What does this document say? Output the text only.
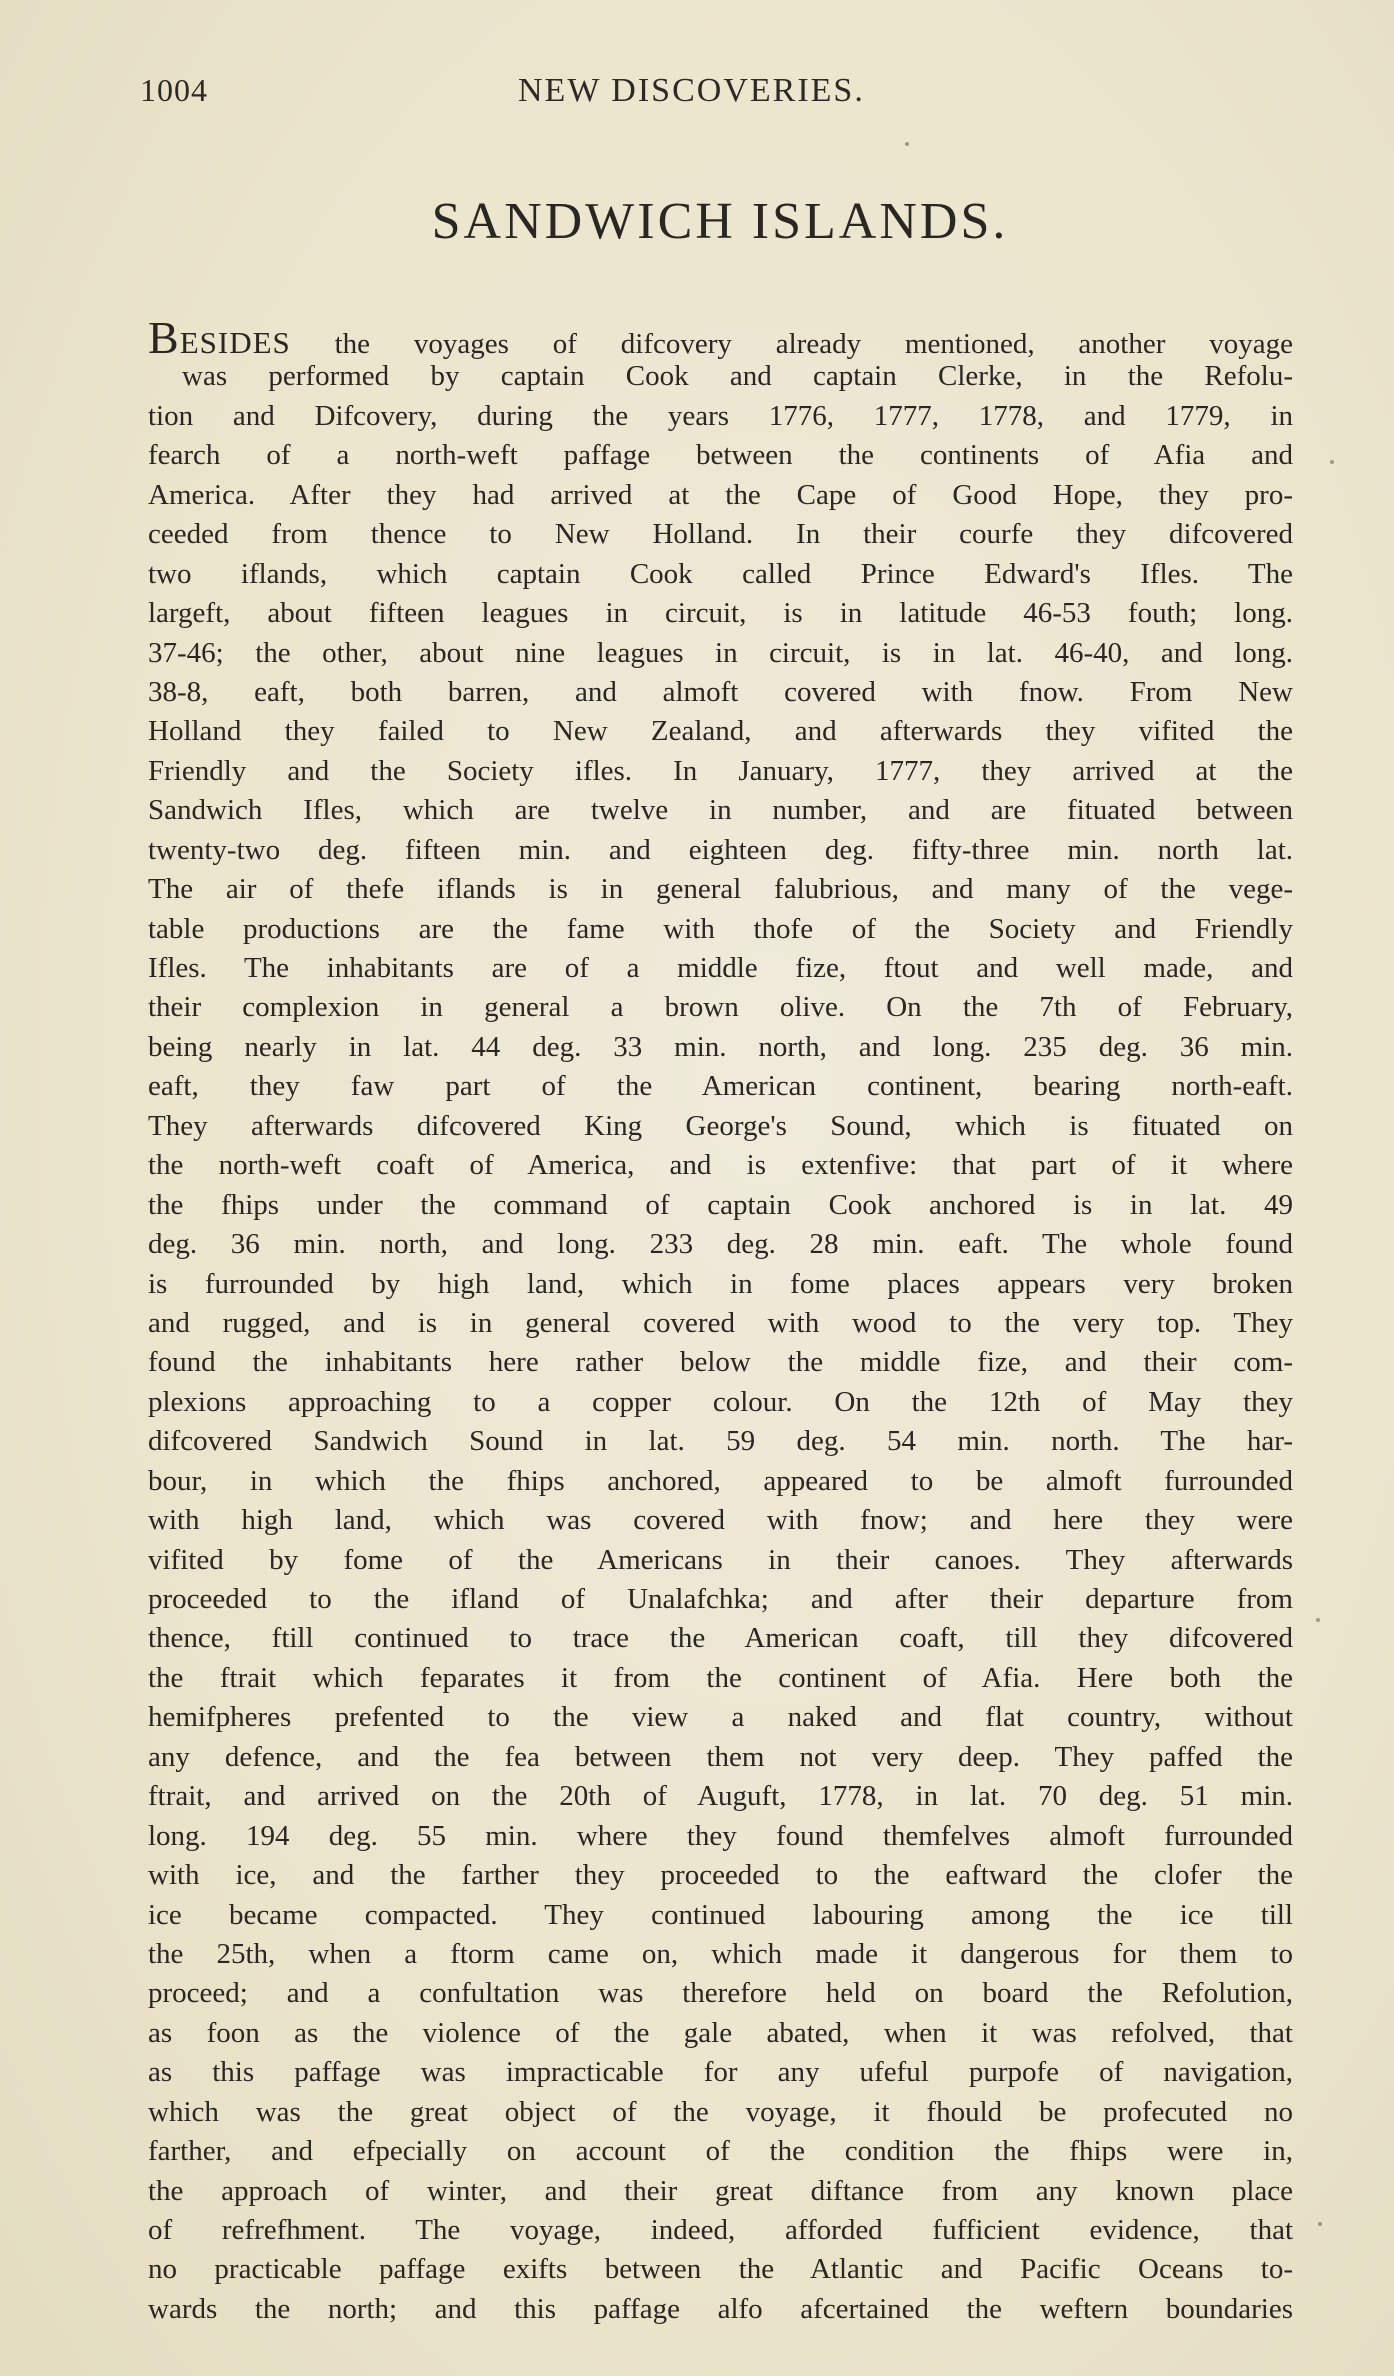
1004	NEW DISCOVERIES.
SANDWICH ISLANDS.
BESIDES the voyages of difcovery already mentioned, another voyage
was performed by captain Cook and captain Clerke, in the Refolu-
tion and Difcovery, during the years 1776, 1777, 1778, and 1779, in
fearch of a north-weft paffage between the continents of Afia and
America. After they had arrived at the Cape of Good Hope, they pro-
ceeded from thence to New Holland. In their courfe they difcovered
two iflands, which captain Cook called Prince Edward's Ifles. The
largeft, about fifteen leagues in circuit, is in latitude 46-53 fouth; long.
37-46; the other, about nine leagues in circuit, is in lat. 46-40, and long.
38-8, eaft, both barren, and almoft covered with fnow. From New
Holland they failed to New Zealand, and afterwards they vifited the
Friendly and the Society ifles. In January, 1777, they arrived at the
Sandwich Ifles, which are twelve in number, and are fituated between
twenty-two deg. fifteen min. and eighteen deg. fifty-three min. north lat.
The air of thefe iflands is in general falubrious, and many of the vege-
table productions are the fame with thofe of the Society and Friendly
Ifles. The inhabitants are of a middle fize, ftout and well made, and
their complexion in general a brown olive. On the 7th of February,
being nearly in lat. 44 deg. 33 min. north, and long. 235 deg. 36 min.
eaft, they faw part of the American continent, bearing north-eaft.
They afterwards difcovered King George's Sound, which is fituated on
the north-weft coaft of America, and is extenfive: that part of it where
the fhips under the command of captain Cook anchored is in lat. 49
deg. 36 min. north, and long. 233 deg. 28 min. eaft. The whole found
is furrounded by high land, which in fome places appears very broken
and rugged, and is in general covered with wood to the very top. They
found the inhabitants here rather below the middle fize, and their com-
plexions approaching to a copper colour. On the 12th of May they
difcovered Sandwich Sound in lat. 59 deg. 54 min. north. The har-
bour, in which the fhips anchored, appeared to be almoft furrounded
with high land, which was covered with fnow; and here they were
vifited by fome of the Americans in their canoes. They afterwards
proceeded to the ifland of Unalafchka; and after their departure from
thence, ftill continued to trace the American coaft, till they difcovered
the ftrait which feparates it from the continent of Afia. Here both the
hemifpheres prefented to the view a naked and flat country, without
any defence, and the fea between them not very deep. They paffed the
ftrait, and arrived on the 20th of Auguft, 1778, in lat. 70 deg. 51 min.
long. 194 deg. 55 min. where they found themfelves almoft furrounded
with ice, and the farther they proceeded to the eaftward the clofer the
ice became compacted. They continued labouring among the ice till
the 25th, when a ftorm came on, which made it dangerous for them to
proceed; and a confultation was therefore held on board the Refolution,
as foon as the violence of the gale abated, when it was refolved, that
as this paffage was impracticable for any ufeful purpofe of navigation,
which was the great object of the voyage, it fhould be profecuted no
farther, and efpecially on account of the condition the fhips were in,
the approach of winter, and their great diftance from any known place
of refrefhment. The voyage, indeed, afforded fufficient evidence, that
no practicable paffage exifts between the Atlantic and Pacific Oceans to-
wards the north; and this paffage alfo afcertained the weftern boundaries
